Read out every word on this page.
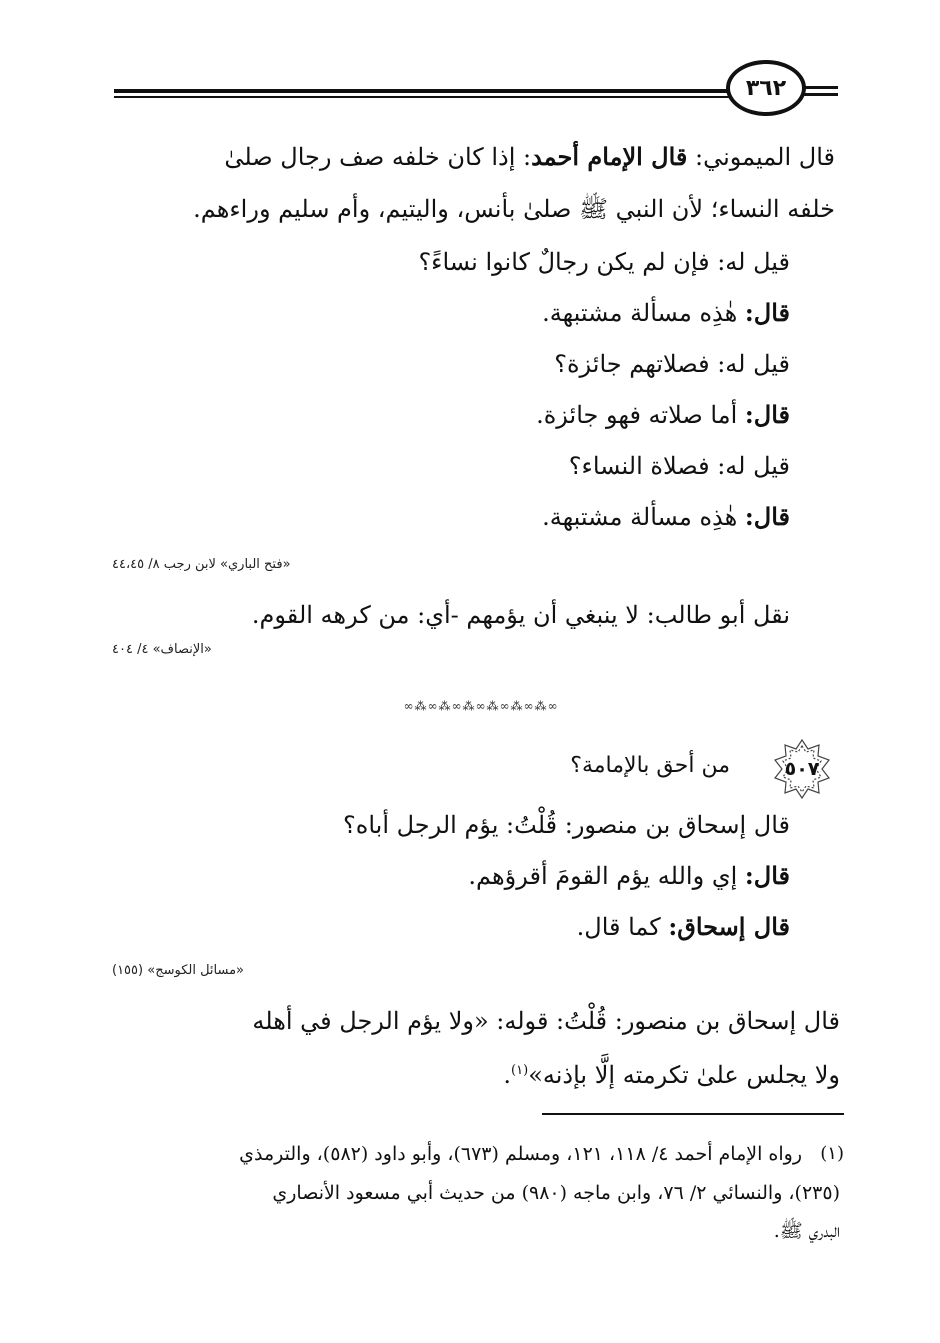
٣٦٢
قال الميموني: قال الإمام أحمد: إذا كان خلفه صف رجال صلىٰ
خلفه النساء؛ لأن النبي ﷺ صلىٰ بأنس، واليتيم، وأم سليم وراءهم.
قيل له: فإن لم يكن رجالٌ كانوا نساءً؟
قال: هٰذِه مسألة مشتبهة.
قيل له: فصلاتهم جائزة؟
قال: أما صلاته فهو جائزة.
قيل له: فصلاة النساء؟
قال: هٰذِه مسألة مشتبهة.
«فتح الباري» لابن رجب ٨/ ٤٤،٤٥
نقل أبو طالب: لا ينبغي أن يؤمهم -أي: من كرهه القوم.
«الإنصاف» ٤/ ٤٠٤
∞⁂∞⁂∞⁂∞⁂∞⁂∞⁂∞
٥٠٧
من أحق بالإمامة؟
قال إسحاق بن منصور: قُلْتُ: يؤم الرجل أباه؟
قال: إي والله يؤم القومَ أقرؤهم.
قال إسحاق: كما قال.
«مسائل الكوسج» (١٥٥)
قال إسحاق بن منصور: قُلْتُ: قوله: «ولا يؤم الرجل في أهله
ولا يجلس علىٰ تكرمته إلَّا بإذنه»$^{(١)}$.
(١)
رواه الإمام أحمد ٤/ ١١٨، ١٢١، ومسلم (٦٧٣)، وأبو داود (٥٨٢)، والترمذي
(٢٣٥)، والنسائي ٢/ ٧٦، وابن ماجه (٩٨٠) من حديث أبي مسعود الأنصاري
البدري ﷺ.
